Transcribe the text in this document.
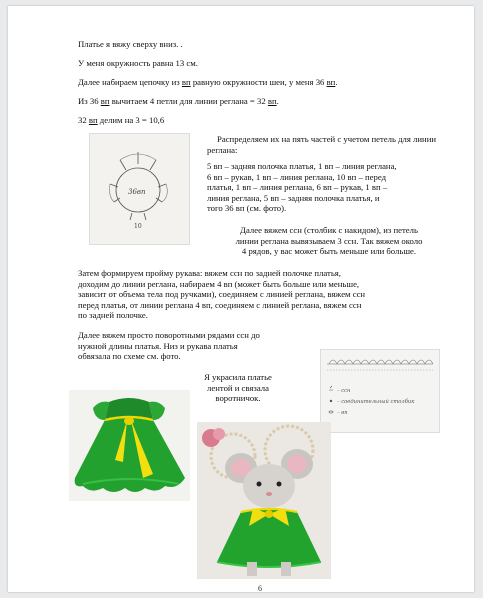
Платье я вяжу сверху вниз. .
У меня окружность равна 13 см.
Далее набираем цепочку из вп равную окружности шеи, у меня 36 вп.
Из 36 вп вычитаем 4 петли для линии реглана = 32 вп.
32 вп делим на 3 = 10,6
36вп
10
Распределяем их на пять частей с учетом петель для линии реглана:
5 вп – задняя полочка платья, 1 вп – линия реглана,
6 вп – рукав, 1 вп – линия реглана, 10 вп – перед
платья, 1 вп – линия реглана, 6 вп – рукав, 1 вп –
линия реглана, 5 вп – задняя полочка платья, и
того 36 вп (см. фото).
Далее вяжем ссн (столбик с накидом), из петель
линии реглана вывязываем 3 ссн. Так вяжем около
4 рядов, у вас может быть меньше или больше.
Затем формируем пройму рукава: вяжем ссн по задней полочке платья,
доходим до линии реглана, набираем 4 вп (может быть больше или меньше,
зависит от объема тела под ручками), соединяем с линией реглана, вяжем ссн
перед платья, от линии реглана 4 вп, соединяем с линией реглана, вяжем ссн
по задней полочке.
Далее вяжем просто поворотными рядами ссн до
нужной длины платья. Низ и рукава платья
обвязала по схеме см. фото.
Я украсила платье
лентой и связала
воротничок.
– ссн
– соединительный столбик
– вп
6
